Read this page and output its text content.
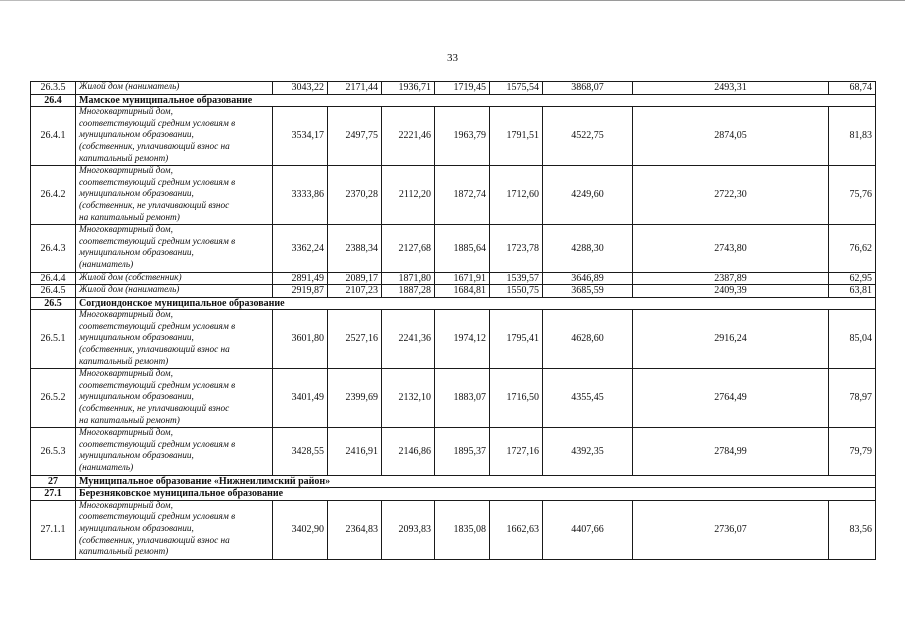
33
26.3.5	Жилой дом (наниматель)	3043,22	2171,44	1936,71	1719,45	1575,54	3868,07	2493,31	68,74
26.4	Мамское муниципальное образование								
26.4.1	Многоквартирный дом,
соответствующий средним условиям в
муниципальном образовании,
(собственник, уплачивающий взнос на
капитальный ремонт)	3534,17	2497,75	2221,46	1963,79	1791,51	4522,75	2874,05	81,83
26.4.2	Многоквартирный дом,
соответствующий средним условиям в
муниципальном образовании,
(собственник, не уплачивающий взнос
на капитальный ремонт)	3333,86	2370,28	2112,20	1872,74	1712,60	4249,60	2722,30	75,76
26.4.3	Многоквартирный дом,
соответствующий средним условиям в
муниципальном образовании,
(наниматель)	3362,24	2388,34	2127,68	1885,64	1723,78	4288,30	2743,80	76,62
26.4.4	Жилой дом (собственник)	2891,49	2089,17	1871,80	1671,91	1539,57	3646,89	2387,89	62,95
26.4.5	Жилой дом (наниматель)	2919,87	2107,23	1887,28	1684,81	1550,75	3685,59	2409,39	63,81
26.5	Согдиондонское муниципальное образование								
26.5.1	Многоквартирный дом,
соответствующий средним условиям в
муниципальном образовании,
(собственник, уплачивающий взнос на
капитальный ремонт)	3601,80	2527,16	2241,36	1974,12	1795,41	4628,60	2916,24	85,04
26.5.2	Многоквартирный дом,
соответствующий средним условиям в
муниципальном образовании,
(собственник, не уплачивающий взнос
на капитальный ремонт)	3401,49	2399,69	2132,10	1883,07	1716,50	4355,45	2764,49	78,97
26.5.3	Многоквартирный дом,
соответствующий средним условиям в
муниципальном образовании,
(наниматель)	3428,55	2416,91	2146,86	1895,37	1727,16	4392,35	2784,99	79,79
27	Муниципальное образование «Нижнеилимский район»								
27.1	Березняковское муниципальное образование								
27.1.1	Многоквартирный дом,
соответствующий средним условиям в
муниципальном образовании,
(собственник, уплачивающий взнос на
капитальный ремонт)	3402,90	2364,83	2093,83	1835,08	1662,63	4407,66	2736,07	83,56
